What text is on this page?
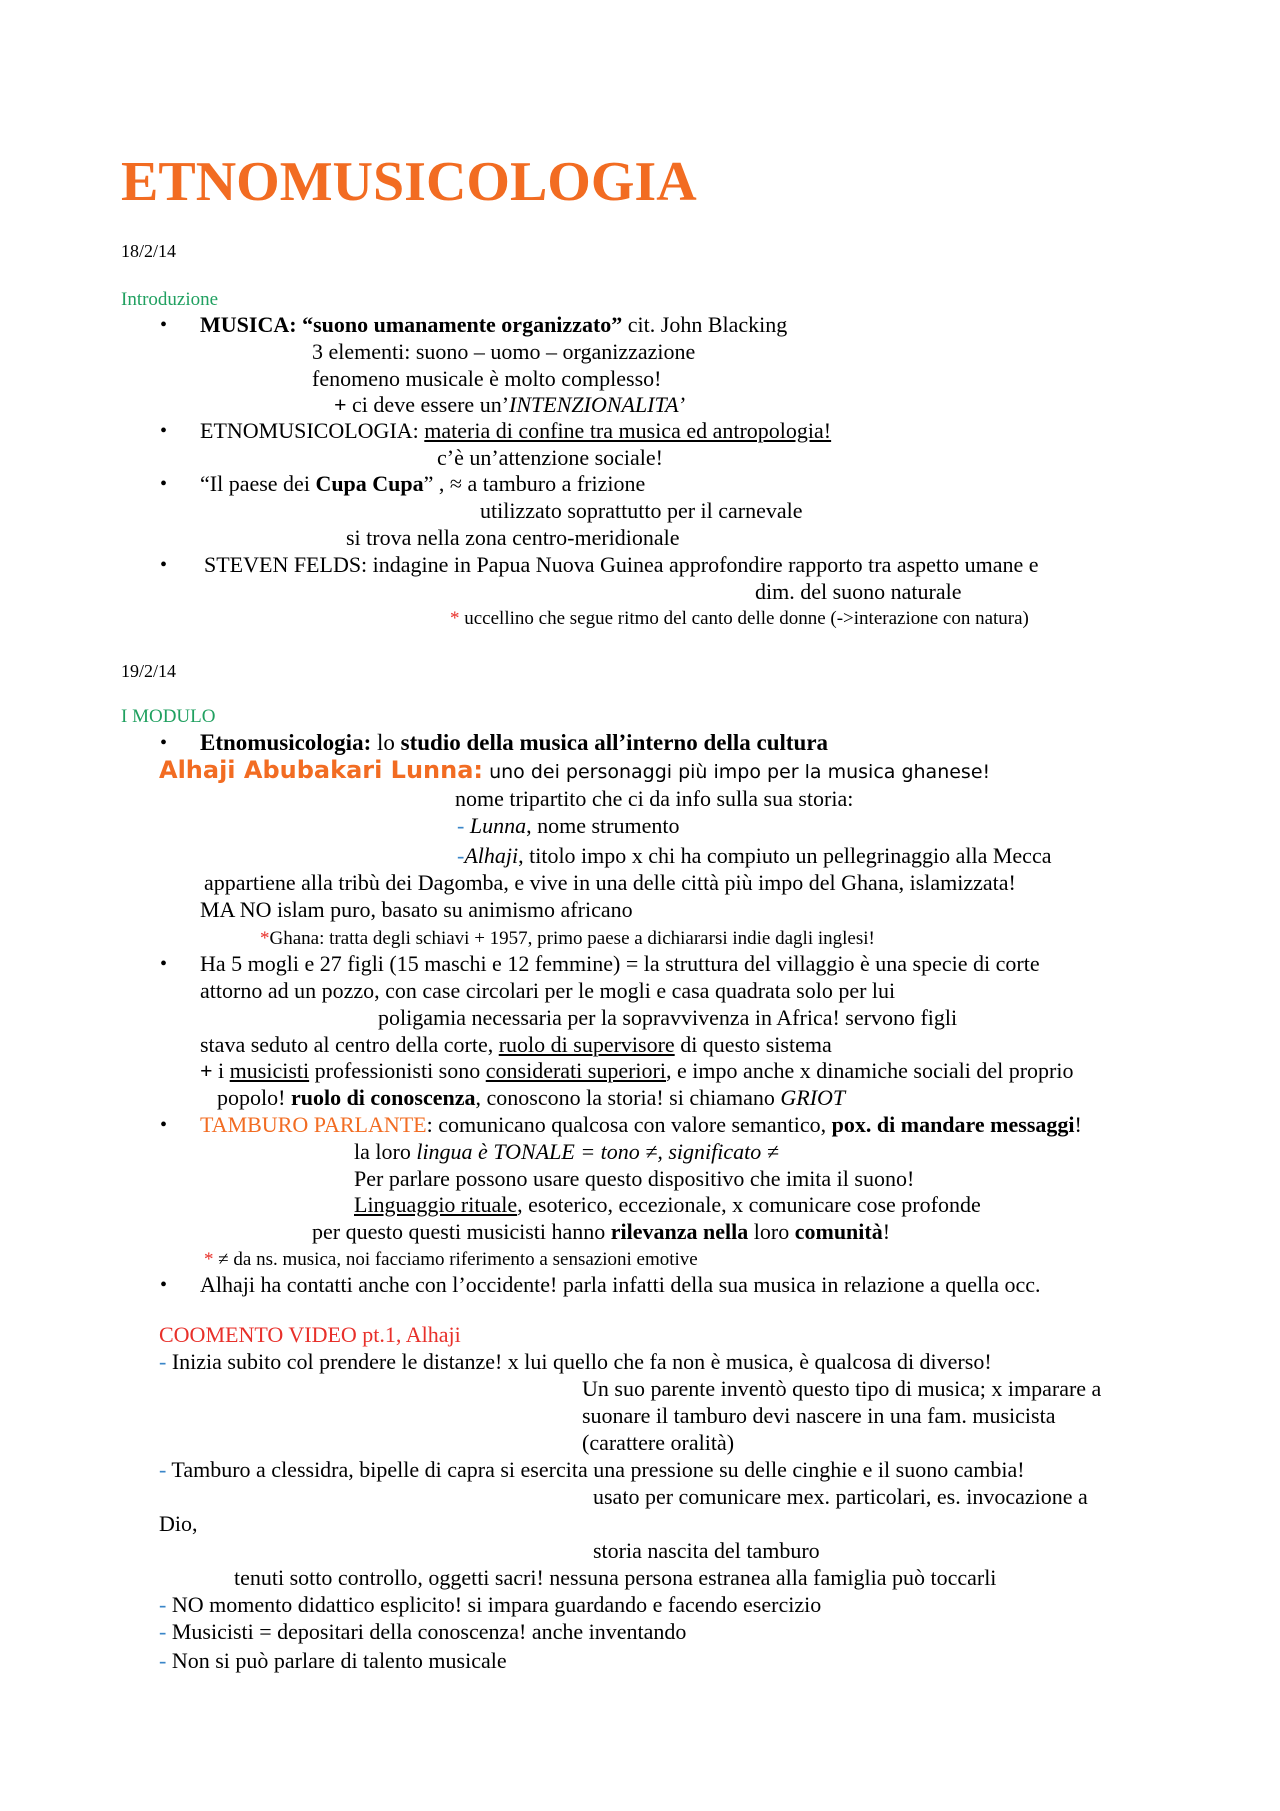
ETNOMUSICOLOGIA
18/2/14
Introduzione
• MUSICA: “suono umanamente organizzato” cit. John Blacking
3 elementi: suono – uomo – organizzazione
fenomeno musicale è molto complesso!
+ ci deve essere un’INTENZIONALITA’
• ETNOMUSICOLOGIA: materia di confine tra musica ed antropologia!
c’è un’attenzione sociale!
• “Il paese dei Cupa Cupa” , ≈ a tamburo a frizione
utilizzato soprattutto per il carnevale
si trova nella zona centro-meridionale
• STEVEN FELDS: indagine in Papua Nuova Guinea approfondire rapporto tra aspetto umane e
dim. del suono naturale
* uccellino che segue ritmo del canto delle donne (->interazione con natura)
19/2/14
I MODULO
• Etnomusicologia: lo studio della musica all’interno della cultura
Alhaji Abubakari Lunna: uno dei personaggi più impo per la musica ghanese!
nome tripartito che ci da info sulla sua storia:
- Lunna, nome strumento
-Alhaji, titolo impo x chi ha compiuto un pellegrinaggio alla Mecca
appartiene alla tribù dei Dagomba, e vive in una delle città più impo del Ghana, islamizzata!
MA NO islam puro, basato su animismo africano
*Ghana: tratta degli schiavi + 1957, primo paese a dichiararsi indie dagli inglesi!
• Ha 5 mogli e 27 figli (15 maschi e 12 femmine) = la struttura del villaggio è una specie di corte
attorno ad un pozzo, con case circolari per le mogli e casa quadrata solo per lui
poligamia necessaria per la sopravvivenza in Africa! servono figli
stava seduto al centro della corte, ruolo di supervisore di questo sistema
+ i musicisti professionisti sono considerati superiori, e impo anche x dinamiche sociali del proprio
popolo! ruolo di conoscenza, conoscono la storia! si chiamano GRIOT
• TAMBURO PARLANTE: comunicano qualcosa con valore semantico, pox. di mandare messaggi!
la loro lingua è TONALE = tono ≠, significato ≠
Per parlare possono usare questo dispositivo che imita il suono!
Linguaggio rituale, esoterico, eccezionale, x comunicare cose profonde
per questo questi musicisti hanno rilevanza nella loro comunità!
* ≠ da ns. musica, noi facciamo riferimento a sensazioni emotive
• Alhaji ha contatti anche con l’occidente! parla infatti della sua musica in relazione a quella occ.
COOMENTO VIDEO pt.1, Alhaji
- Inizia subito col prendere le distanze! x lui quello che fa non è musica, è qualcosa di diverso!
Un suo parente inventò questo tipo di musica; x imparare a
suonare il tamburo devi nascere in una fam. musicista
(carattere oralità)
- Tamburo a clessidra, bipelle di capra si esercita una pressione su delle cinghie e il suono cambia!
usato per comunicare mex. particolari, es. invocazione a
Dio,
storia nascita del tamburo
tenuti sotto controllo, oggetti sacri! nessuna persona estranea alla famiglia può toccarli
- NO momento didattico esplicito! si impara guardando e facendo esercizio
- Musicisti = depositari della conoscenza! anche inventando
- Non si può parlare di talento musicale
